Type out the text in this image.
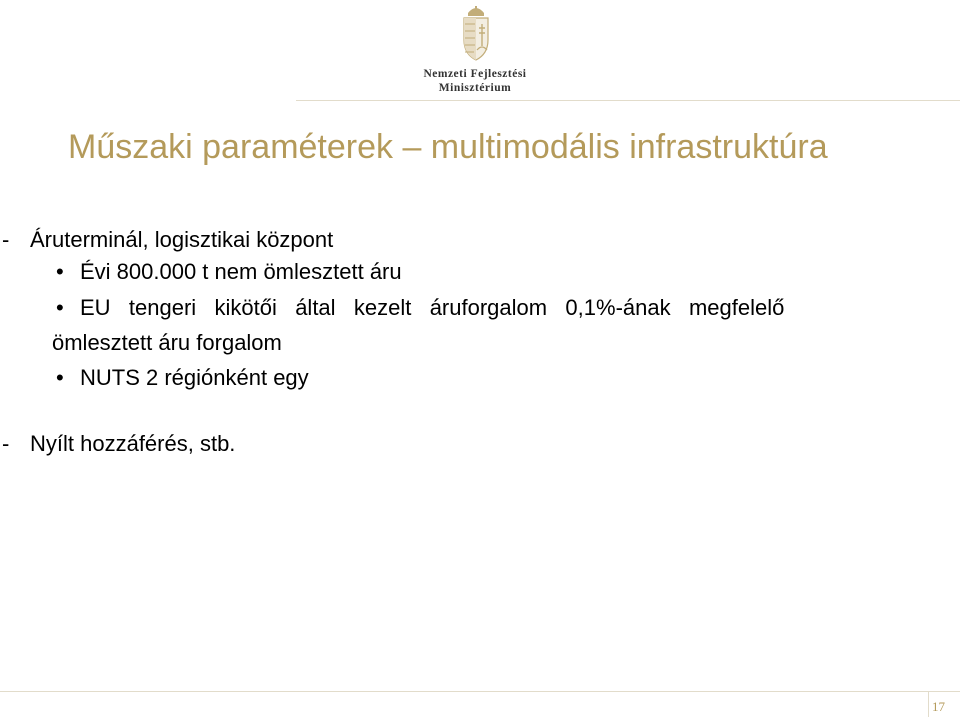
Nemzeti Fejlesztési
Minisztérium
Műszaki paraméterek – multimodális infrastruktúra
- Áruterminál, logisztikai központ
• Évi 800.000 t nem ömlesztett áru
• EU   tengeri   kikötői   által   kezelt   áruforgalom   0,1%-ának   megfelelő
ömlesztett áru forgalom
• NUTS 2 régiónként egy
- Nyílt hozzáférés, stb.
17
